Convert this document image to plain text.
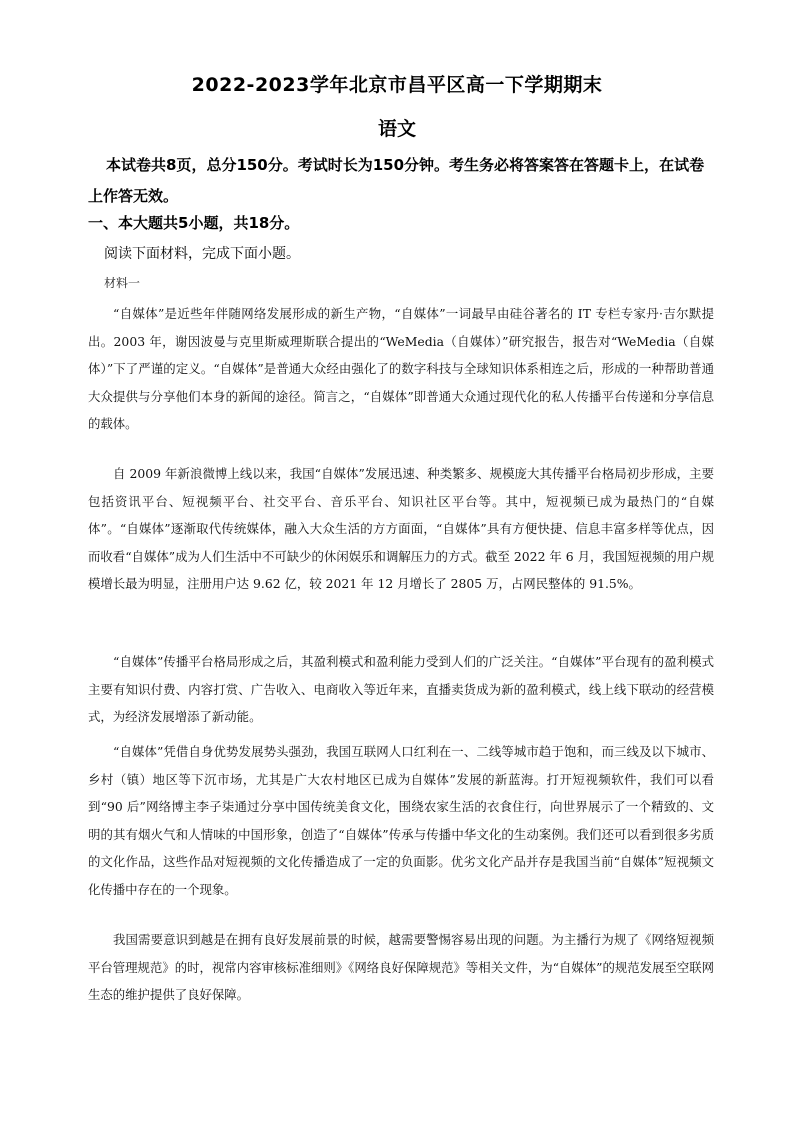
2022-2023学年北京市昌平区高一下学期期末
语文
本试卷共8页，总分150分。考试时长为150分钟。考生务必将答案答在答题卡上，在试卷上作答无效。
一、本大题共5小题，共18分。
阅读下面材料，完成下面小题。
材料一

“自媒体”是近些年伴随网络发展形成的新生产物，“自媒体”一词最早由硅谷著名的 IT 专栏专家丹·吉尔默提出。2003 年，谢因波曼与克里斯威理斯联合提出的“WeMedia（自媒体）”研究报告，报告对“WeMedia（自媒体）”下了严谨的定义。“自媒体”是普通大众经由强化了的数字科技与全球知识体系相连之后，形成的一种帮助普通大众提供与分享他们本身的新闻的途径。简言之，“自媒体”即普通大众通过现代化的私人传播平台传递和分享信息的载体。

自 2009 年新浪微博上线以来，我国“自媒体”发展迅速、种类繁多、规模庞大其传播平台格局初步形成，主要包括资讯平台、短视频平台、社交平台、音乐平台、知识社区平台等。其中，短视频已成为最热门的“自媒体”。“自媒体”逐渐取代传统媒体，融入大众生活的方方面面，“自媒体”具有方便快捷、信息丰富多样等优点，因而收看“自媒体”成为人们生活中不可缺少的休闲娱乐和调解压力的方式。截至 2022 年 6 月，我国短视频的用户规模增长最为明显，注册用户达 9.62 亿，较 2021 年 12 月增长了 2805 万，占网民整体的 91.5%。

“自媒体”传播平台格局形成之后，其盈利模式和盈利能力受到人们的广泛关注。“自媒体”平台现有的盈利模式主要有知识付费、内容打赏、广告收入、电商收入等近年来，直播卖货成为新的盈利模式，线上线下联动的经营模式，为经济发展增添了新动能。

“自媒体”凭借自身优势发展势头强劲，我国互联网人口红利在一、二线等城市趋于饱和，而三线及以下城市、乡村（镇）地区等下沉市场，尤其是广大农村地区已成为自媒体”发展的新蓝海。打开短视频软件，我们可以看到“90 后”网络博主李子柒通过分享中国传统美食文化，围绕农家生活的衣食住行，向世界展示了一个精致的、文明的其有烟火气和人情味的中国形象，创造了“自媒体”传承与传播中华文化的生动案例。我们还可以看到很多劣质的文化作品，这些作品对短视频的文化传播造成了一定的负面影。优劣文化产品并存是我国当前“自媒体”短视频文化传播中存在的一个现象。

我国需要意识到越是在拥有良好发展前景的时候，越需要警惕容易出现的问题。为主播行为规了《网络短视频平台管理规范》的时，视常内容审核标准细则》《网络良好保障规范》等相关文件，为“自媒体”的规范发展至空联网生态的维护提供了良好保障。
